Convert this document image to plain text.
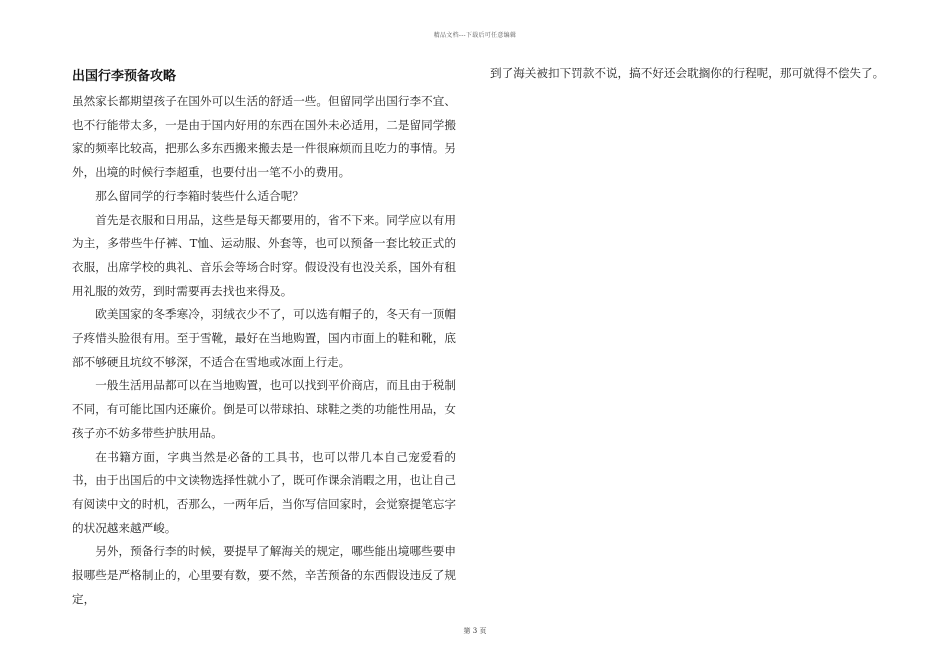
精品文档---下载后可任意编辑
出国行李预备攻略

虽然家长都期望孩子在国外可以生活的舒适一些。但留同学出国行李不宜、也不行能带太多，一是由于国内好用的东西在国外未必适用，二是留同学搬家的频率比较高，把那么多东西搬来搬去是一件很麻烦而且吃力的事情。另外，出境的时候行李超重，也要付出一笔不小的费用。

那么留同学的行李箱时装些什么适合呢？

首先是衣服和日用品，这些是每天都要用的，省不下来。同学应以有用为主，多带些牛仔裤、T恤、运动服、外套等，也可以预备一套比较正式的衣服，出席学校的典礼、音乐会等场合时穿。假设没有也没关系，国外有租用礼服的效劳，到时需要再去找也来得及。

欧美国家的冬季寒冷，羽绒衣少不了，可以选有帽子的，冬天有一顶帽子疼惜头脸很有用。至于雪靴，最好在当地购置，国内市面上的鞋和靴，底部不够硬且坑纹不够深，不适合在雪地或冰面上行走。

一般生活用品都可以在当地购置，也可以找到平价商店，而且由于税制不同，有可能比国内还廉价。倒是可以带球拍、球鞋之类的功能性用品，女孩子亦不妨多带些护肤用品。

在书籍方面，字典当然是必备的工具书，也可以带几本自己宠爱看的书，由于出国后的中文读物选择性就小了，既可作课余消暇之用，也让自己有阅读中文的时机，否那么，一两年后，当你写信回家时，会觉察提笔忘字的状况越来越严峻。

另外，预备行李的时候，要提早了解海关的规定，哪些能出境哪些要申报哪些是严格制止的，心里要有数，要不然，辛苦预备的东西假设违反了规定，

到了海关被扣下罚款不说，搞不好还会耽搁你的行程呢，那可就得不偿失了。

第 3 页
